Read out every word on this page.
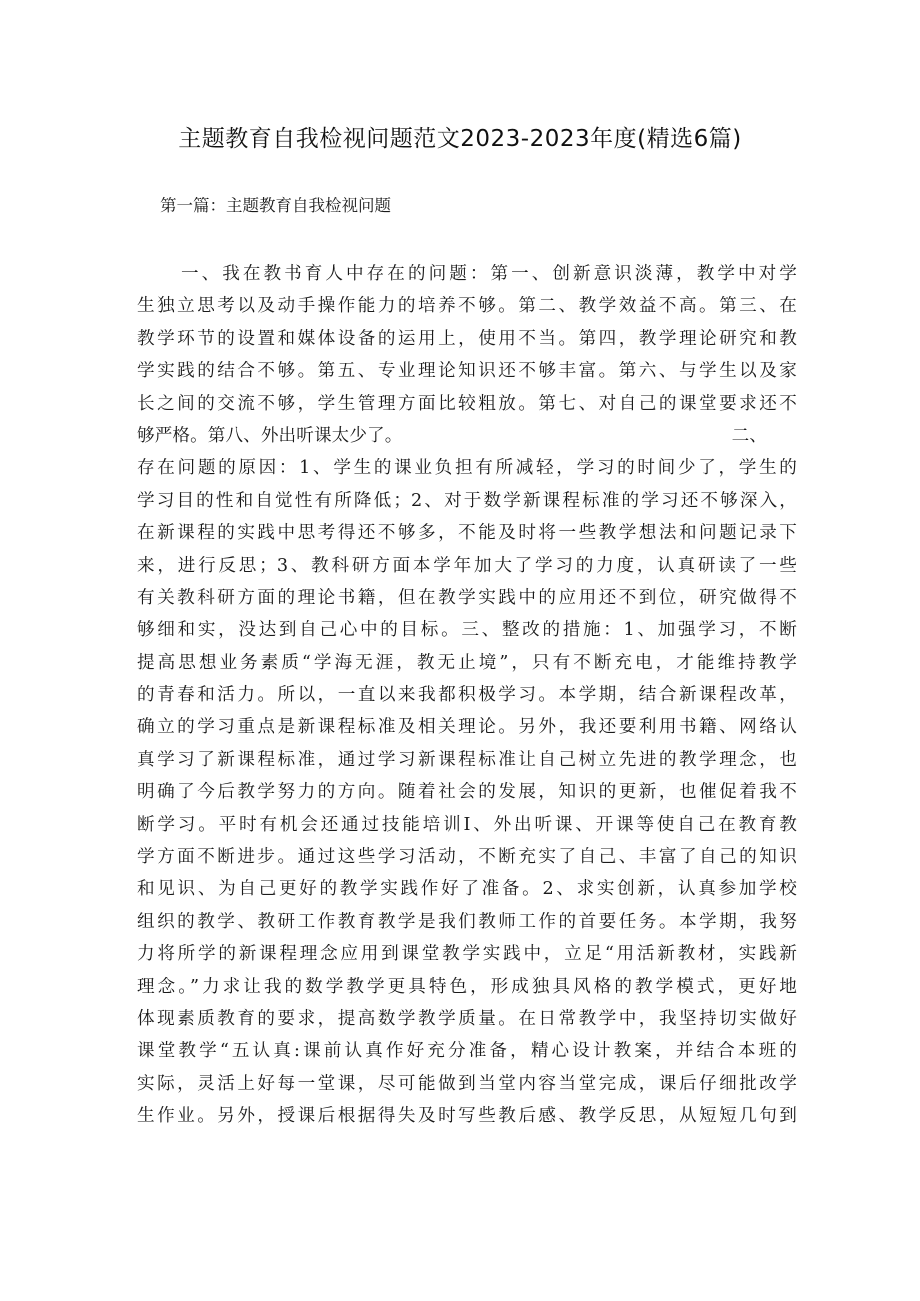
主题教育自我检视问题范文2023-2023年度(精选6篇)
第一篇：主题教育自我检视问题
一、我在教书育人中存在的问题：第一、创新意识淡薄，教学中对学
生独立思考以及动手操作能力的培养不够。第二、教学效益不高。第三、在
教学环节的设置和媒体设备的运用上，使用不当。第四，教学理论研究和教
学实践的结合不够。第五、专业理论知识还不够丰富。第六、与学生以及家
长之间的交流不够，学生管理方面比较粗放。第七、对自己的课堂要求还不
够严格。第八、外出听课太少了。	二、
存在问题的原因：1、学生的课业负担有所减轻，学习的时间少了，学生的
学习目的性和自觉性有所降低；2、对于数学新课程标准的学习还不够深入，
在新课程的实践中思考得还不够多，不能及时将一些教学想法和问题记录下
来，进行反思；3、教科研方面本学年加大了学习的力度，认真研读了一些
有关教科研方面的理论书籍，但在教学实践中的应用还不到位，研究做得不
够细和实，没达到自己心中的目标。三、整改的措施：1、加强学习，不断
提高思想业务素质“学海无涯，教无止境”，只有不断充电，才能维持教学
的青春和活力。所以，一直以来我都积极学习。本学期，结合新课程改革，
确立的学习重点是新课程标准及相关理论。另外，我还要利用书籍、网络认
真学习了新课程标准，通过学习新课程标准让自己树立先进的教学理念，也
明确了今后教学努力的方向。随着社会的发展，知识的更新，也催促着我不
断学习。平时有机会还通过技能培训I、外出听课、开课等使自己在教育教
学方面不断进步。通过这些学习活动，不断充实了自己、丰富了自己的知识
和见识、为自己更好的教学实践作好了准备。2、求实创新，认真参加学校
组织的教学、教研工作教育教学是我们教师工作的首要任务。本学期，我努
力将所学的新课程理念应用到课堂教学实践中，立足“用活新教材，实践新
理念。”力求让我的数学教学更具特色，形成独具风格的教学模式，更好地
体现素质教育的要求，提高数学教学质量。在日常教学中，我坚持切实做好
课堂教学“五认真:课前认真作好充分准备，精心设计教案，并结合本班的
实际，灵活上好每一堂课，尽可能做到当堂内容当堂完成，课后仔细批改学
生作业。另外，授课后根据得失及时写些教后感、教学反思，从短短几句到
